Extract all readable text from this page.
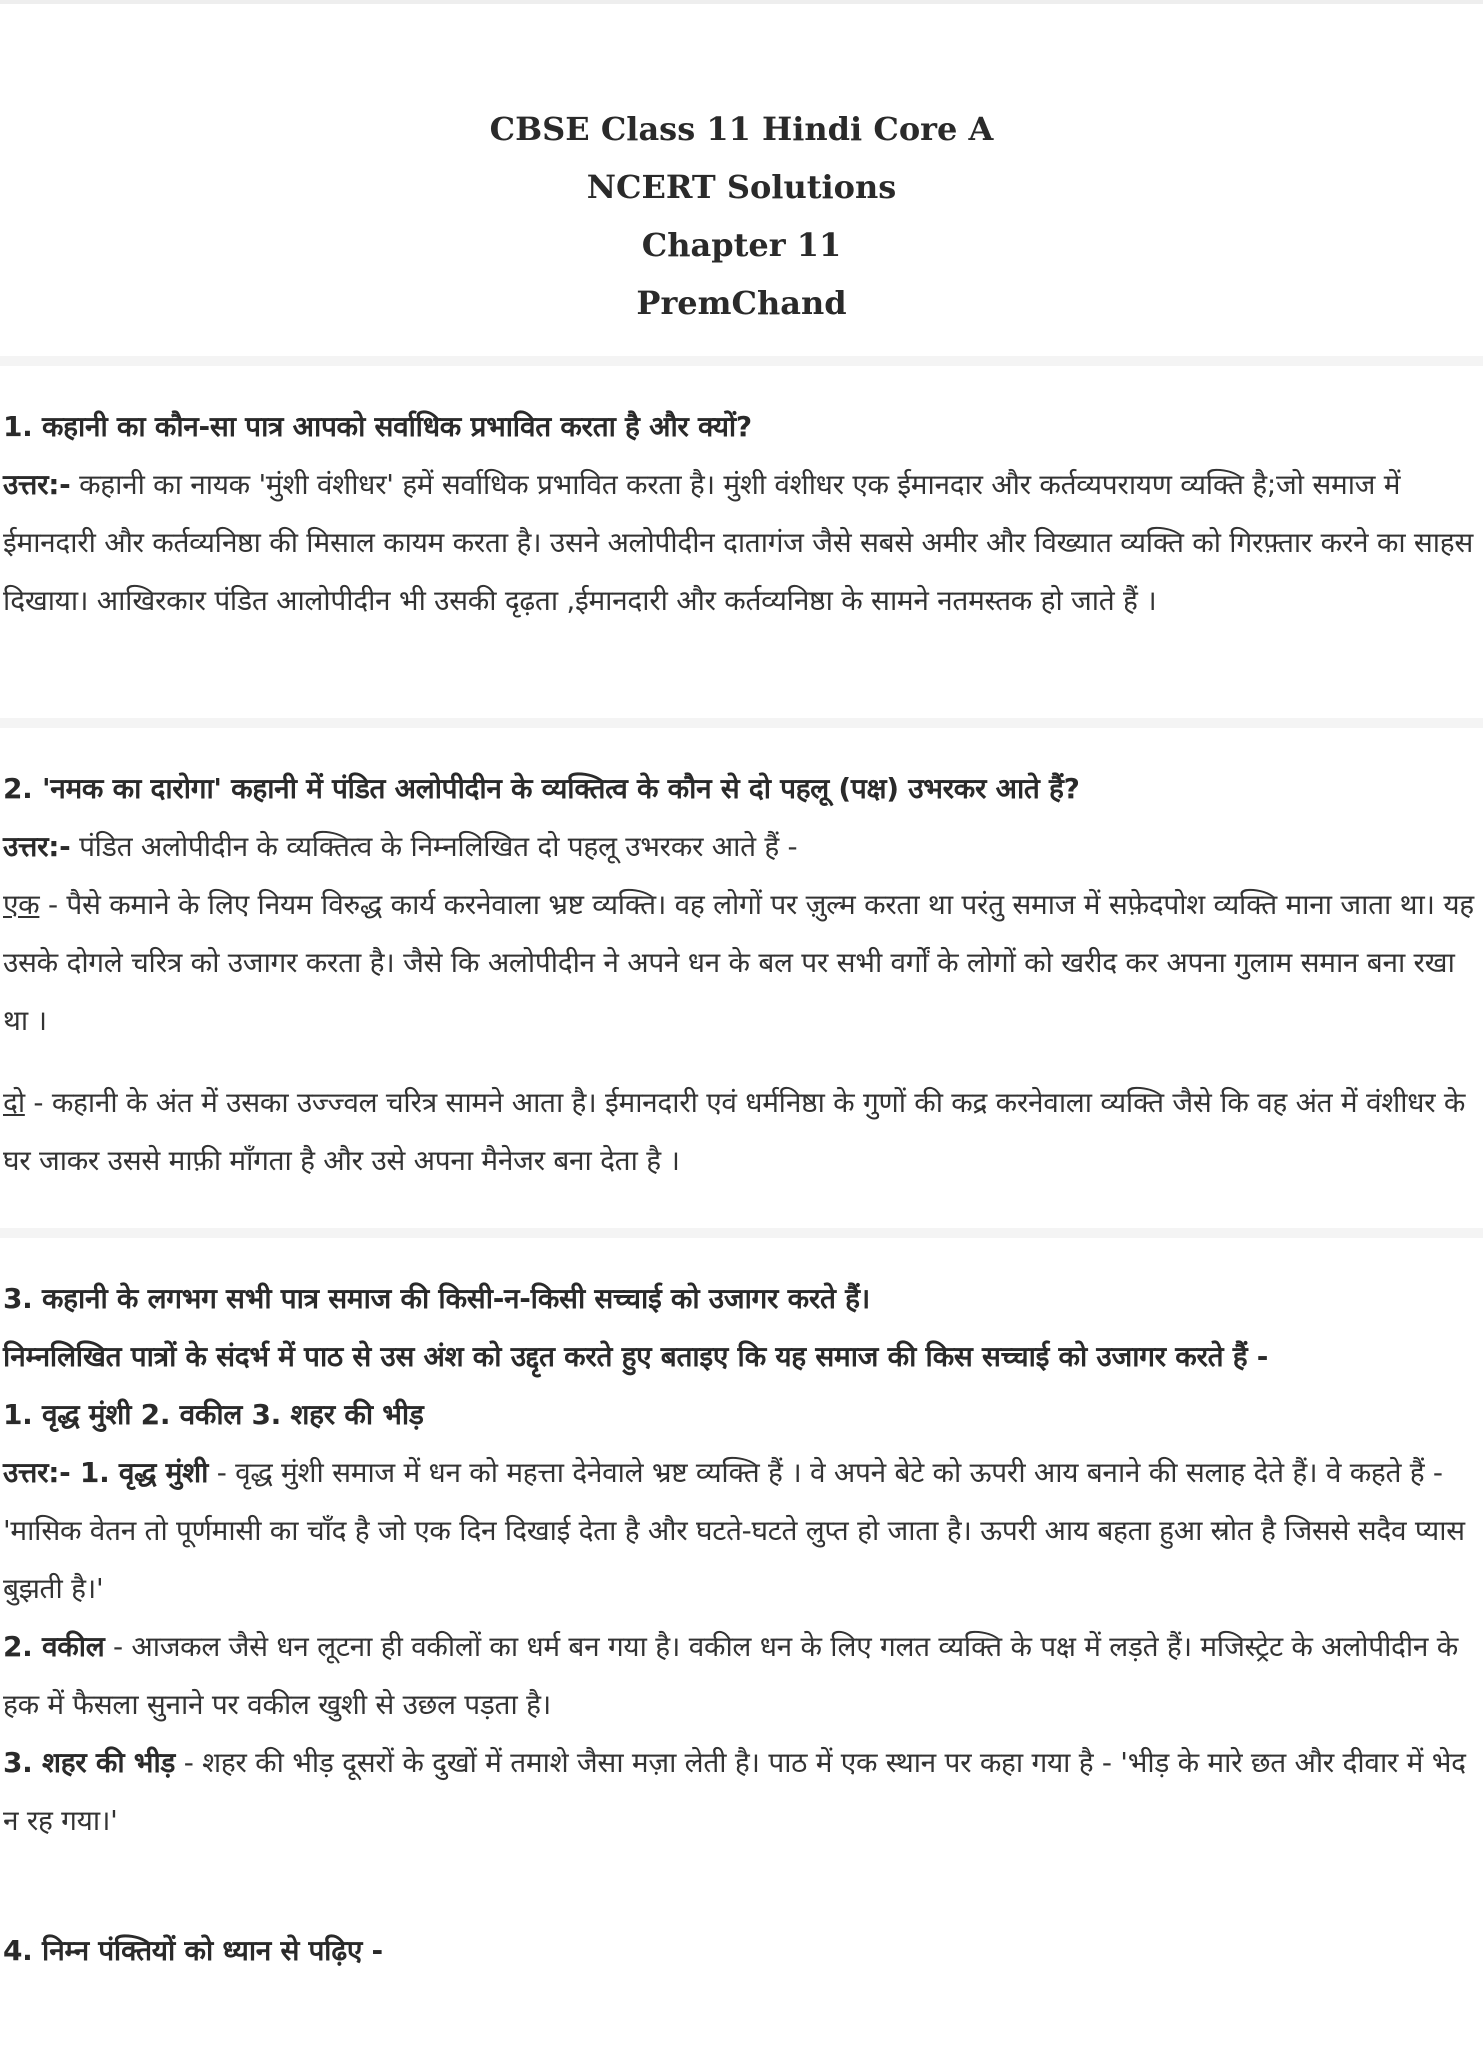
CBSE Class 11 Hindi Core A
NCERT Solutions
Chapter 11
PremChand

1. कहानी का कौन-सा पात्र आपको सर्वाधिक प्रभावित करता है और क्यों?

उत्तर:- कहानी का नायक 'मुंशी वंशीधर' हमें सर्वाधिक प्रभावित करता है। मुंशी वंशीधर एक ईमानदार और कर्तव्यपरायण व्यक्ति है;जो समाज में ईमानदारी और कर्तव्यनिष्ठा की मिसाल कायम करता है। उसने अलोपीदीन दातागंज जैसे सबसे अमीर और विख्यात व्यक्ति को गिरफ़्तार करने का साहस दिखाया। आखिरकार पंडित आलोपीदीन भी उसकी दृढ़ता ,ईमानदारी और कर्तव्यनिष्ठा के सामने नतमस्तक हो जाते हैं ।

2. 'नमक का दारोगा' कहानी में पंडित अलोपीदीन के व्यक्तित्व के कौन से दो पहलू (पक्ष) उभरकर आते हैं?

उत्तर:- पंडित अलोपीदीन के व्यक्तित्व के निम्नलिखित दो पहलू उभरकर आते हैं -

एक - पैसे कमाने के लिए नियम विरुद्ध कार्य करनेवाला भ्रष्ट व्यक्ति। वह लोगों पर ज़ुल्म करता था परंतु समाज में सफ़ेदपोश व्यक्ति माना जाता था। यह उसके दोगले चरित्र को उजागर करता है। जैसे कि अलोपीदीन ने अपने धन के बल पर सभी वर्गों के लोगों को खरीद कर अपना गुलाम समान बना रखा था ।

दो - कहानी के अंत में उसका उज्ज्वल चरित्र सामने आता है। ईमानदारी एवं धर्मनिष्ठा के गुणों की कद्र करनेवाला व्यक्ति जैसे कि वह अंत में वंशीधर के घर जाकर उससे माफ़ी माँगता है और उसे अपना मैनेजर बना देता है ।

3. कहानी के लगभग सभी पात्र समाज की किसी-न-किसी सच्चाई को उजागर करते हैं।

निम्नलिखित पात्रों के संदर्भ में पाठ से उस अंश को उद्दृत करते हुए बताइए कि यह समाज की किस सच्चाई को उजागर करते हैं -

1. वृद्ध मुंशी 2. वकील 3. शहर की भीड़

उत्तर:- 1. वृद्ध मुंशी - वृद्ध मुंशी समाज में धन को महत्ता देनेवाले भ्रष्ट व्यक्ति हैं । वे अपने बेटे को ऊपरी आय बनाने की सलाह देते हैं। वे कहते हैं - 'मासिक वेतन तो पूर्णमासी का चाँद है जो एक दिन दिखाई देता है और घटते-घटते लुप्त हो जाता है। ऊपरी आय बहता हुआ स्रोत है जिससे सदैव प्यास बुझती है।'

2. वकील - आजकल जैसे धन लूटना ही वकीलों का धर्म बन गया है। वकील धन के लिए गलत व्यक्ति के पक्ष में लड़ते हैं। मजिस्ट्रेट के अलोपीदीन के हक में फैसला सुनाने पर वकील खुशी से उछल पड़ता है।

3. शहर की भीड़ - शहर की भीड़ दूसरों के दुखों में तमाशे जैसा मज़ा लेती है। पाठ में एक स्थान पर कहा गया है - 'भीड़ के मारे छत और दीवार में भेद न रह गया।'

4. निम्न पंक्तियों को ध्यान से पढ़िए -
